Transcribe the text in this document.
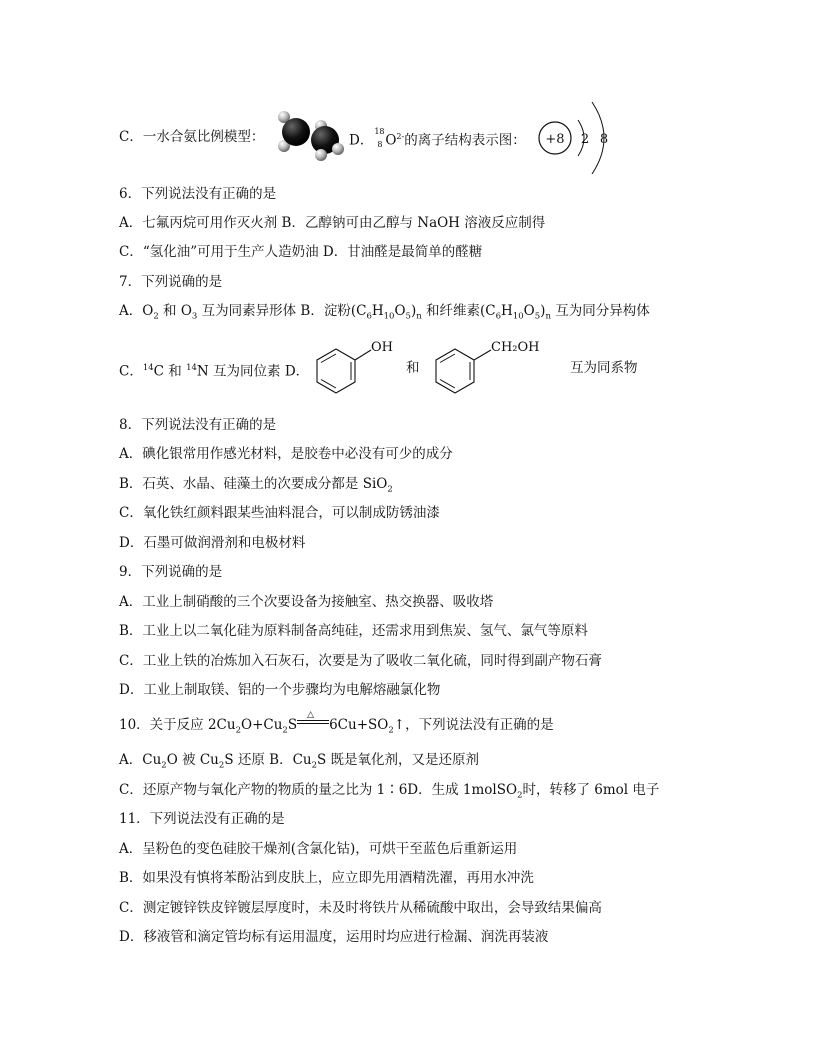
C．一水合氨比例模型：	D．
18
8 $O^{2-}$的离子结构表示图： +8 2 8
6．下列说法没有正确的是
A．七氟丙烷可用作灭火剂 B．乙醇钠可由乙醇与 NaOH 溶液反应制得
C．“氢化油”可用于生产人造奶油 D．甘油醛是最简单的醛糖
7．下列说确的是
A．$O_2$ 和 $O_3$ 互为同素异形体 B．淀粉$(C_6H_{10}O_5)_n$ 和纤维素$(C_6H_{10}O_5)_n$ 互为同分异构体
C．$^{14}$C 和 $^{14}$N 互为同位素 D．
OH
和
CH₂OH
互为同系物
8．下列说法没有正确的是
A．碘化银常用作感光材料，是胶卷中必没有可少的成分
B．石英、水晶、硅藻土的次要成分都是 SiO$_2$
C．氧化铁红颜料跟某些油料混合，可以制成防锈油漆
D．石墨可做润滑剂和电极材料
9．下列说确的是
A．工业上制硝酸的三个次要设备为接触室、热交换器、吸收塔
B．工业上以二氧化硅为原料制备高纯硅，还需求用到焦炭、氢气、氯气等原料
C．工业上铁的冶炼加入石灰石，次要是为了吸收二氧化硫，同时得到副产物石膏
D．工业上制取镁、铝的一个步骤均为电解熔融氯化物
10．关于反应 $2Cu_2O+Cu_2S$
△
$6Cu+SO_2↑$，下列说法没有正确的是
A．$Cu_2O$ 被 $Cu_2S$ 还原 B．$Cu_2S$ 既是氧化剂，又是还原剂
C．还原产物与氧化产物的物质的量之比为 1∶6D．生成 1molSO$_2$时，转移了 6mol 电子
11．下列说法没有正确的是
A．呈粉色的变色硅胶干燥剂(含氯化钴)，可烘干至蓝色后重新运用
B．如果没有慎将苯酚沾到皮肤上，应立即先用酒精洗濯，再用水冲洗
C．测定镀锌铁皮锌镀层厚度时，未及时将铁片从稀硫酸中取出，会导致结果偏高
D．移液管和滴定管均标有运用温度，运用时均应进行检漏、润洗再装液
